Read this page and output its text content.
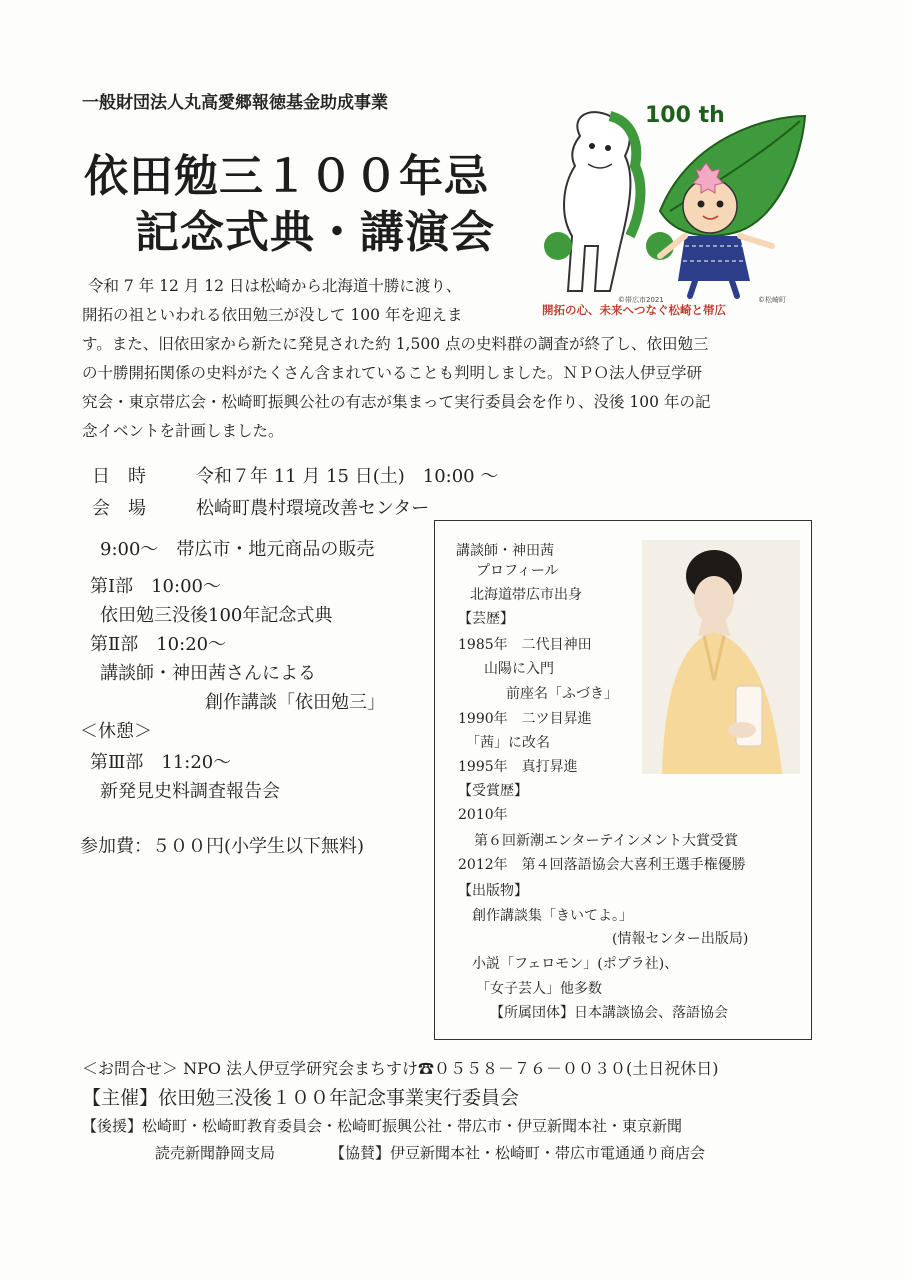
一般財団法人丸高愛郷報徳基金助成事業
依田勉三１００年忌
記念式典・講演会
100 th
©帯広市2021	©松崎町
開拓の心、未来へつなぐ松崎と帯広
令和 7 年 12 月 12 日は松崎から北海道十勝に渡り、
開拓の祖といわれる依田勉三が没して 100 年を迎えま
す。また、旧依田家から新たに発見された約 1,500 点の史料群の調査が終了し、依田勉三
の十勝開拓関係の史料がたくさん含まれていることも判明しました。ＮＰＯ法人伊豆学研
究会・東京帯広会・松崎町振興公社の有志が集まって実行委員会を作り、没後 100 年の記
念イベントを計画しました。
日　時	令和７年 11 月 15 日(土)　10:00 ～
会　場	松崎町農村環境改善センター
9:00～　帯広市・地元商品の販売
第Ⅰ部　10:00～
依田勉三没後100年記念式典
第Ⅱ部　10:20～
講談師・神田茜さんによる
創作講談「依田勉三」
＜休憩＞
第Ⅲ部　11:20～
新発見史料調査報告会
参加費：５００円(小学生以下無料)
講談師・神田茜
プロフィール
北海道帯広市出身
【芸歴】
1985年　二代目神田
山陽に入門
前座名「ふづき」
1990年　二ツ目昇進
「茜」に改名
1995年　真打昇進
【受賞歴】
2010年
第６回新潮エンターテインメント大賞受賞
2012年　第４回落語協会大喜利王選手権優勝
【出版物】
創作講談集「きいてよ。」
(情報センター出版局)
小説「フェロモン」(ポプラ社)、
「女子芸人」他多数
【所属団体】日本講談協会、落語協会
＜お問合せ＞ NPO 法人伊豆学研究会まちすけ☎０５５８－７６－００３０(土日祝休日)
【主催】依田勉三没後１００年記念事業実行委員会
【後援】松崎町・松崎町教育委員会・松崎町振興公社・帯広市・伊豆新聞本社・東京新聞
読売新聞静岡支局	【協賛】伊豆新聞本社・松崎町・帯広市電通通り商店会
